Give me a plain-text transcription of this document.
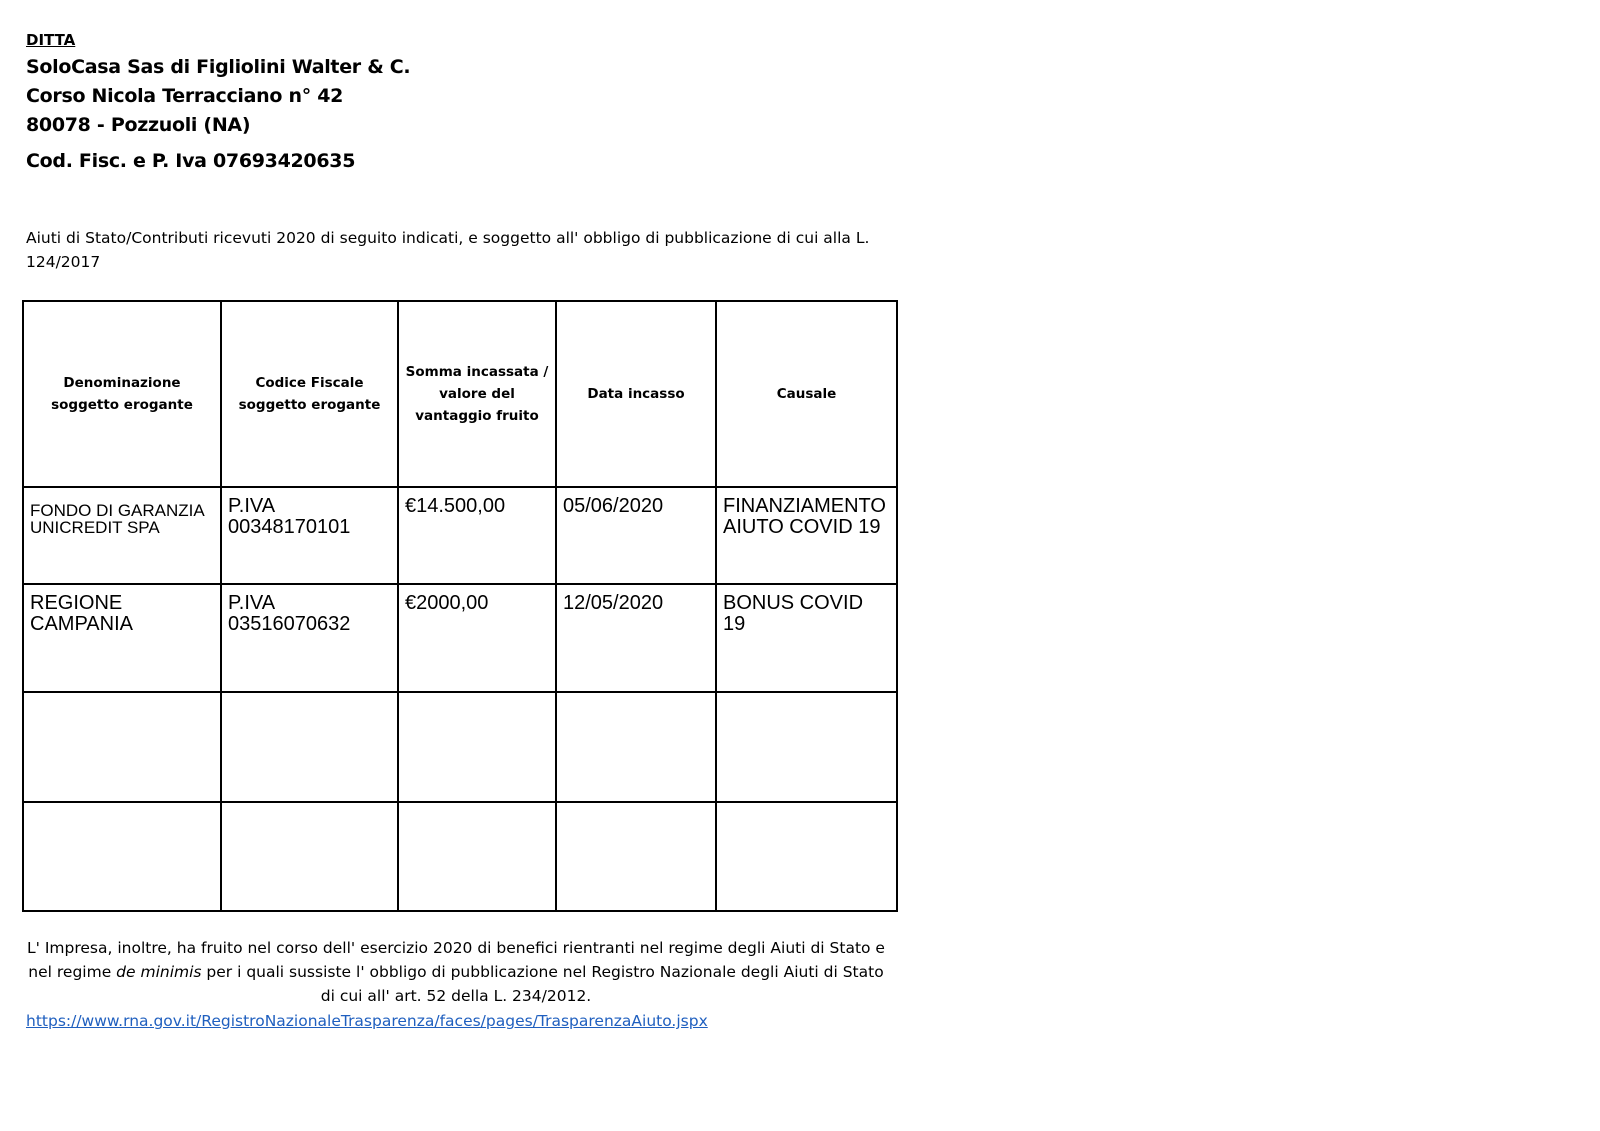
DITTA
SoloCasa Sas di Figliolini Walter & C.
Corso Nicola Terracciano n° 42
80078 - Pozzuoli (NA)
Cod. Fisc. e P. Iva 07693420635
Aiuti di Stato/Contributi ricevuti 2020 di seguito indicati, e soggetto all' obbligo di pubblicazione di cui alla L. 124/2017
Denominazione soggetto erogante	Codice Fiscale soggetto erogante	Somma incassata / valore del vantaggio fruito	Data incasso	Causale
FONDO DI GARANZIA UNICREDIT SPA	P.IVA 00348170101	€14.500,00	05/06/2020	FINANZIAMENTO AIUTO COVID 19
REGIONE CAMPANIA	P.IVA 03516070632	€2000,00	12/05/2020	BONUS COVID 19

L' Impresa, inoltre, ha fruito nel corso dell' esercizio 2020 di benefici rientranti nel regime degli Aiuti di Stato e nel regime de minimis per i quali sussiste l' obbligo di pubblicazione nel Registro Nazionale degli Aiuti di Stato di cui all' art. 52 della L. 234/2012.
https://www.rna.gov.it/RegistroNazionaleTrasparenza/faces/pages/TrasparenzaAiuto.jspx
